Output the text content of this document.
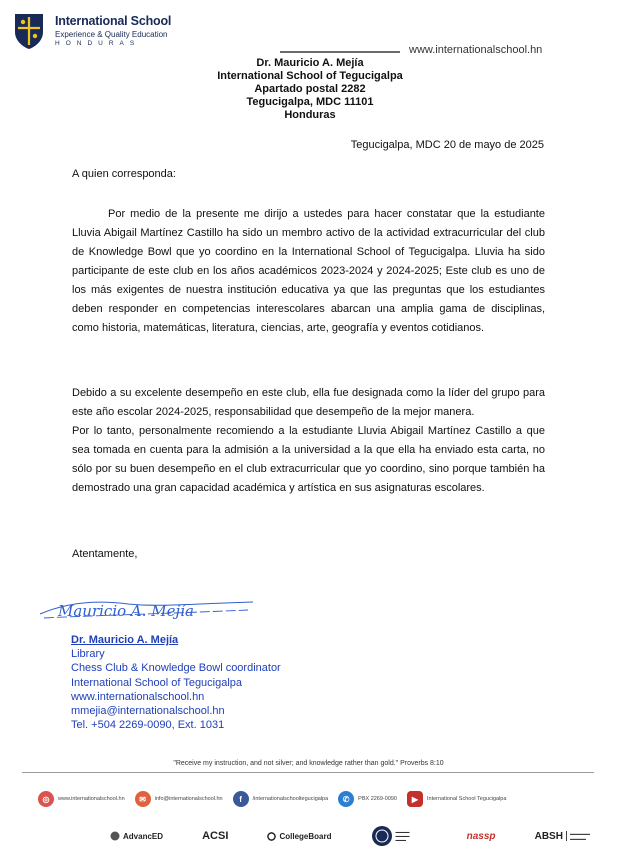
International School
Experience & Quality Education
HONDURAS
www.internationalschool.hn
Dr. Mauricio A. Mejía
International School of Tegucigalpa
Apartado postal 2282
Tegucigalpa, MDC 11101
Honduras
Tegucigalpa, MDC 20 de mayo de 2025
A quien corresponda:
Por medio de la presente me dirijo a ustedes para hacer constatar que la estudiante Lluvia Abigail Martínez Castillo ha sido un membro activo de la actividad extracurricular del club de Knowledge Bowl que yo coordino en la International School of Tegucigalpa. Lluvia ha sido participante de este club en los años académicos 2023-2024 y 2024-2025; Este club es uno de los más exigentes de nuestra institución educativa ya que las preguntas que los estudiantes deben responder en competencias interescolares abarcan una amplia gama de disciplinas, como historia, matemáticas, literatura, ciencias, arte, geografía y eventos cotidianos.
Debido a su excelente desempeño en este club, ella fue designada como la líder del grupo para este año escolar 2024-2025, responsabilidad que desempeño de la mejor manera.
Por lo tanto, personalmente recomiendo a la estudiante Lluvia Abigail Martínez Castillo a que sea tomada en cuenta para la admisión a la universidad a la que ella ha enviado esta carta, no sólo por su buen desempeño en el club extracurricular que yo coordino, sino porque también ha demostrado una gran capacidad académica y artística en sus asignaturas escolares.
Atentamente,
Mauricio A. Mejía
Dr. Mauricio A. Mejía
Library
Chess Club & Knowledge Bowl coordinator
International School of Tegucigalpa
www.internationalschool.hn
mmejia@internationalschool.hn
Tel. +504 2269-0090, Ext. 1031
"Receive my instruction, and not silver; and knowledge rather than gold." Proverbs 8:10
◎	www.internationalschool.hn	✉	info@internationalschool.hn	f	/internationalschooltegucigalpa	✆	PBX 2269-0090	▶	International School Tegucigalpa
AdvancED	ACSI	CollegeBoard	▬▬▬▬
▬▬▬▬
▬▬▬	nassp	ABSH	▬▬▬▬▬
▬▬▬▬
